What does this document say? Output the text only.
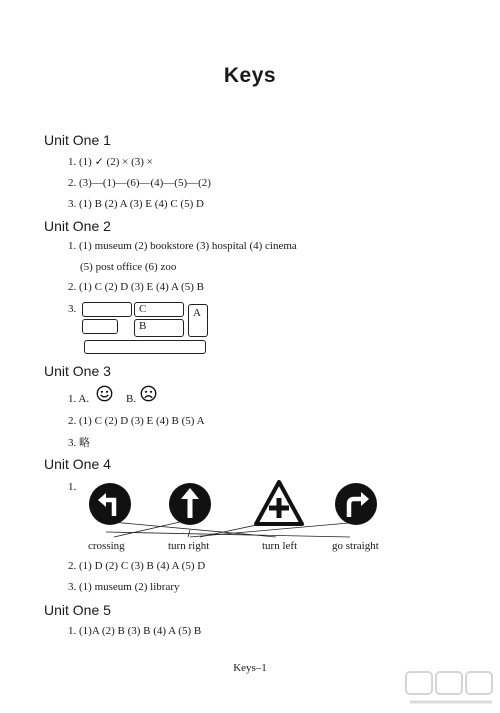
Keys
Unit One 1
1. (1) ✓ (2) × (3) ×
2. (3)—(1)—(6)—(4)—(5)—(2)
3. (1) B (2) A (3) E (4) C (5) D
Unit One 2
1. (1) museum (2) bookstore (3) hospital (4) cinema
(5) post office (6) zoo
2. (1) C (2) D (3) E (4) A (5) B
3.	C
B
A
Unit One 3
1. A.	B.
2. (1) C (2) D (3) E (4) B (5) A
3. 略
Unit One 4
1.
crossing	turn right	turn left	go straight
2. (1) D (2) C (3) B (4) A (5) D
3. (1) museum (2) library
Unit One 5
1. (1)A (2) B (3) B (4) A (5) B
Keys–1
